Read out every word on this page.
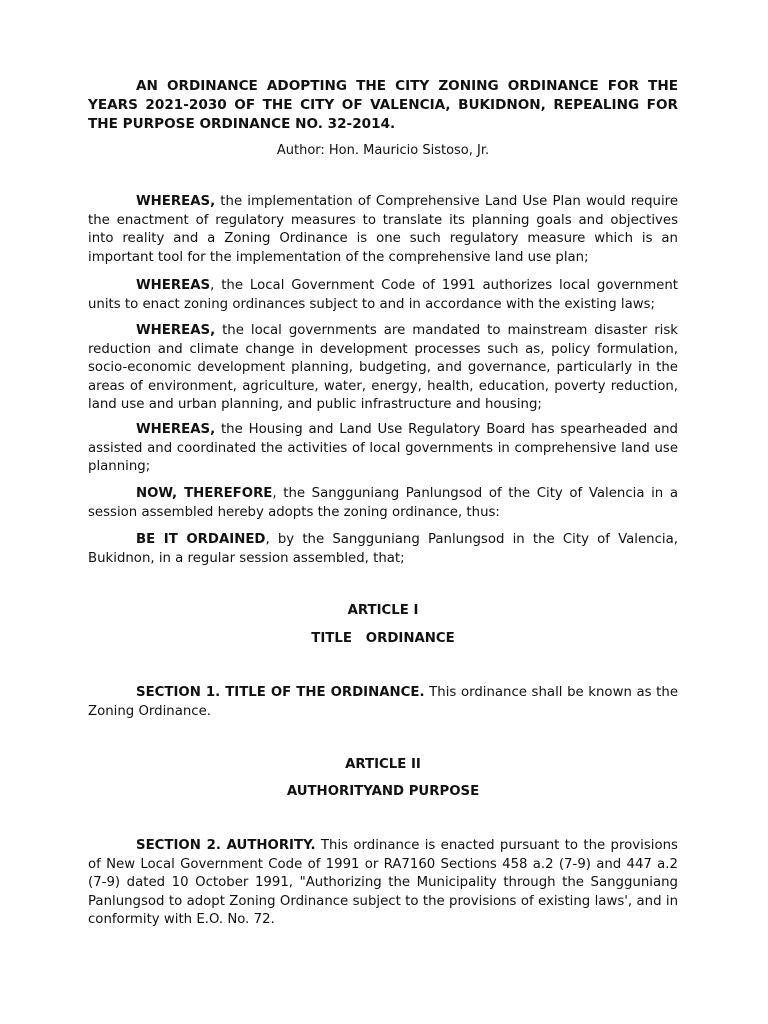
AN ORDINANCE ADOPTING THE CITY ZONING ORDINANCE FOR THE YEARS 2021-2030 OF THE CITY OF VALENCIA, BUKIDNON, REPEALING FOR THE PURPOSE ORDINANCE NO. 32-2014.

Author: Hon. Mauricio Sistoso, Jr.

WHEREAS, the implementation of Comprehensive Land Use Plan would require the enactment of regulatory measures to translate its planning goals and objectives into reality and a Zoning Ordinance is one such regulatory measure which is an important tool for the implementation of the comprehensive land use plan;

WHEREAS, the Local Government Code of 1991 authorizes local government units to enact zoning ordinances subject to and in accordance with the existing laws;

WHEREAS, the local governments are mandated to mainstream disaster risk reduction and climate change in development processes such as, policy formulation, socio-economic development planning, budgeting, and governance, particularly in the areas of environment, agriculture, water, energy, health, education, poverty reduction, land use and urban planning, and public infrastructure and housing;

WHEREAS, the Housing and Land Use Regulatory Board has spearheaded and assisted and coordinated the activities of local governments in comprehensive land use planning;

NOW, THEREFORE, the Sangguniang Panlungsod of the City of Valencia in a session assembled hereby adopts the zoning ordinance, thus:

BE IT ORDAINED, by the Sangguniang Panlungsod in the City of Valencia, Bukidnon, in a regular session assembled, that;

ARTICLE I

TITLE   ORDINANCE

SECTION 1. TITLE OF THE ORDINANCE. This ordinance shall be known as the Zoning Ordinance.

ARTICLE II

AUTHORITYAND PURPOSE

SECTION 2. AUTHORITY. This ordinance is enacted pursuant to the provisions of New Local Government Code of 1991 or RA7160 Sections 458 a.2 (7-9) and 447 a.2 (7-9) dated 10 October 1991, "Authorizing the Municipality through the Sangguniang Panlungsod to adopt Zoning Ordinance subject to the provisions of existing laws', and in conformity with E.O. No. 72.
